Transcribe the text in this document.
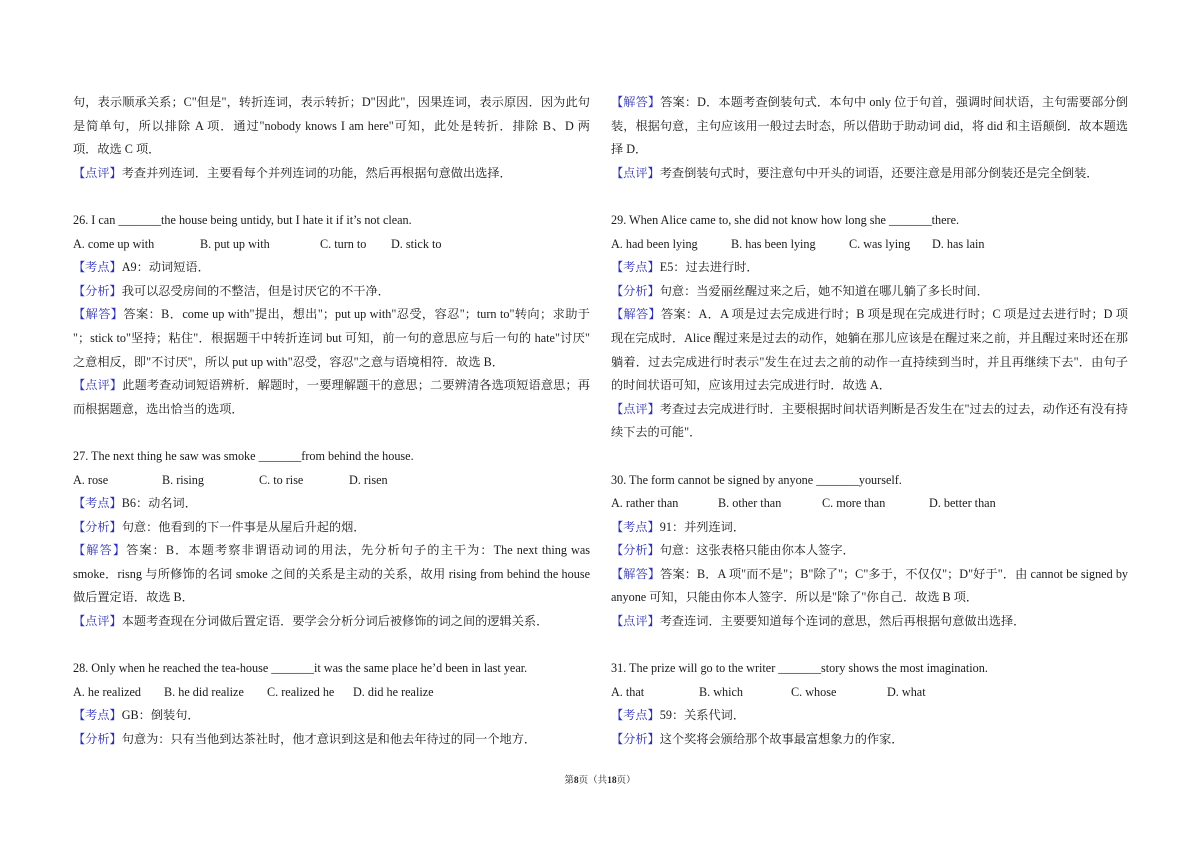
句，表示顺承关系；C"但是"，转折连词，表示转折；D"因此"，因果连词，表示原因．因为此句
是简单句，所以排除 A 项．通过"nobody knows I am here"可知，此处是转折．排除 B、D 两
项．故选 C 项．
【点评】考查并列连词．主要看每个并列连词的功能，然后再根据句意做出选择．
26. I can _______the house being untidy, but I hate it if it’s not clean.
A. come up with	B. put up with	C. turn to	D. stick to
【考点】A9：动词短语．
【分析】我可以忍受房间的不整洁，但是讨厌它的不干净．
【解答】答案：B．come up with"提出，想出"；put up with"忍受，容忍"；turn to"转向；求助于
"；stick to"坚持；粘住"．根据题干中转折连词 but 可知，前一句的意思应与后一句的 hate"讨厌"
之意相反，即"不讨厌"，所以 put up with"忍受，容忍"之意与语境相符．故选 B．
【点评】此题考查动词短语辨析．解题时，一要理解题干的意思；二要辨清各选项短语意思；再
而根据题意，选出恰当的选项．
27. The next thing he saw was smoke _______from behind the house.
A. rose	B. rising	C. to rise	D. risen
【考点】B6：动名词．
【分析】句意：他看到的下一件事是从屋后升起的烟．
【解答】答案：B．本题考察非谓语动词的用法，先分析句子的主干为：The next thing was
smoke．risng 与所修饰的名词 smoke 之间的关系是主动的关系，故用 rising from behind the house
做后置定语．故选 B．
【点评】本题考查现在分词做后置定语．要学会分析分词后被修饰的词之间的逻辑关系．
28. Only when he reached the tea-house _______it was the same place he’d been in last year.
A. he realized	B. he did realize	C. realized he	D. did he realize
【考点】GB：倒装句．
【分析】句意为：只有当他到达茶社时，他才意识到这是和他去年待过的同一个地方．
【解答】答案：D．本题考查倒装句式．本句中 only 位于句首，强调时间状语，主句需要部分倒
装，根据句意，主句应该用一般过去时态，所以借助于助动词 did，将 did 和主语颠倒．故本题选
择 D．
【点评】考查倒装句式时，要注意句中开头的词语，还要注意是用部分倒装还是完全倒装．
29. When Alice came to, she did not know how long she _______there.
A. had been lying	B. has been lying	C. was lying	D. has lain
【考点】E5：过去进行时．
【分析】句意：当爱丽丝醒过来之后，她不知道在哪儿躺了多长时间．
【解答】答案：A．A 项是过去完成进行时；B 项是现在完成进行时；C 项是过去进行时；D 项
现在完成时．Alice 醒过来是过去的动作，她躺在那儿应该是在醒过来之前，并且醒过来时还在那
躺着．过去完成进行时表示"发生在过去之前的动作一直持续到当时，并且再继续下去"．由句子
的时间状语可知，应该用过去完成进行时．故选 A．
【点评】考查过去完成进行时．主要根据时间状语判断是否发生在"过去的过去，动作还有没有持
续下去的可能"．
30. The form cannot be signed by anyone _______yourself.
A. rather than	B. other than	C. more than	D. better than
【考点】91：并列连词．
【分析】句意：这张表格只能由你本人签字．
【解答】答案：B．A 项"而不是"；B"除了"；C"多于，不仅仅"；D"好于"．由 cannot be signed by
anyone 可知，只能由你本人签字．所以是"除了"你自己．故选 B 项．
【点评】考查连词．主要要知道每个连词的意思，然后再根据句意做出选择．
31. The prize will go to the writer _______story shows the most imagination.
A. that	B. which	C. whose	D. what
【考点】59：关系代词．
【分析】这个奖将会颁给那个故事最富想象力的作家．
第8页（共18页）
